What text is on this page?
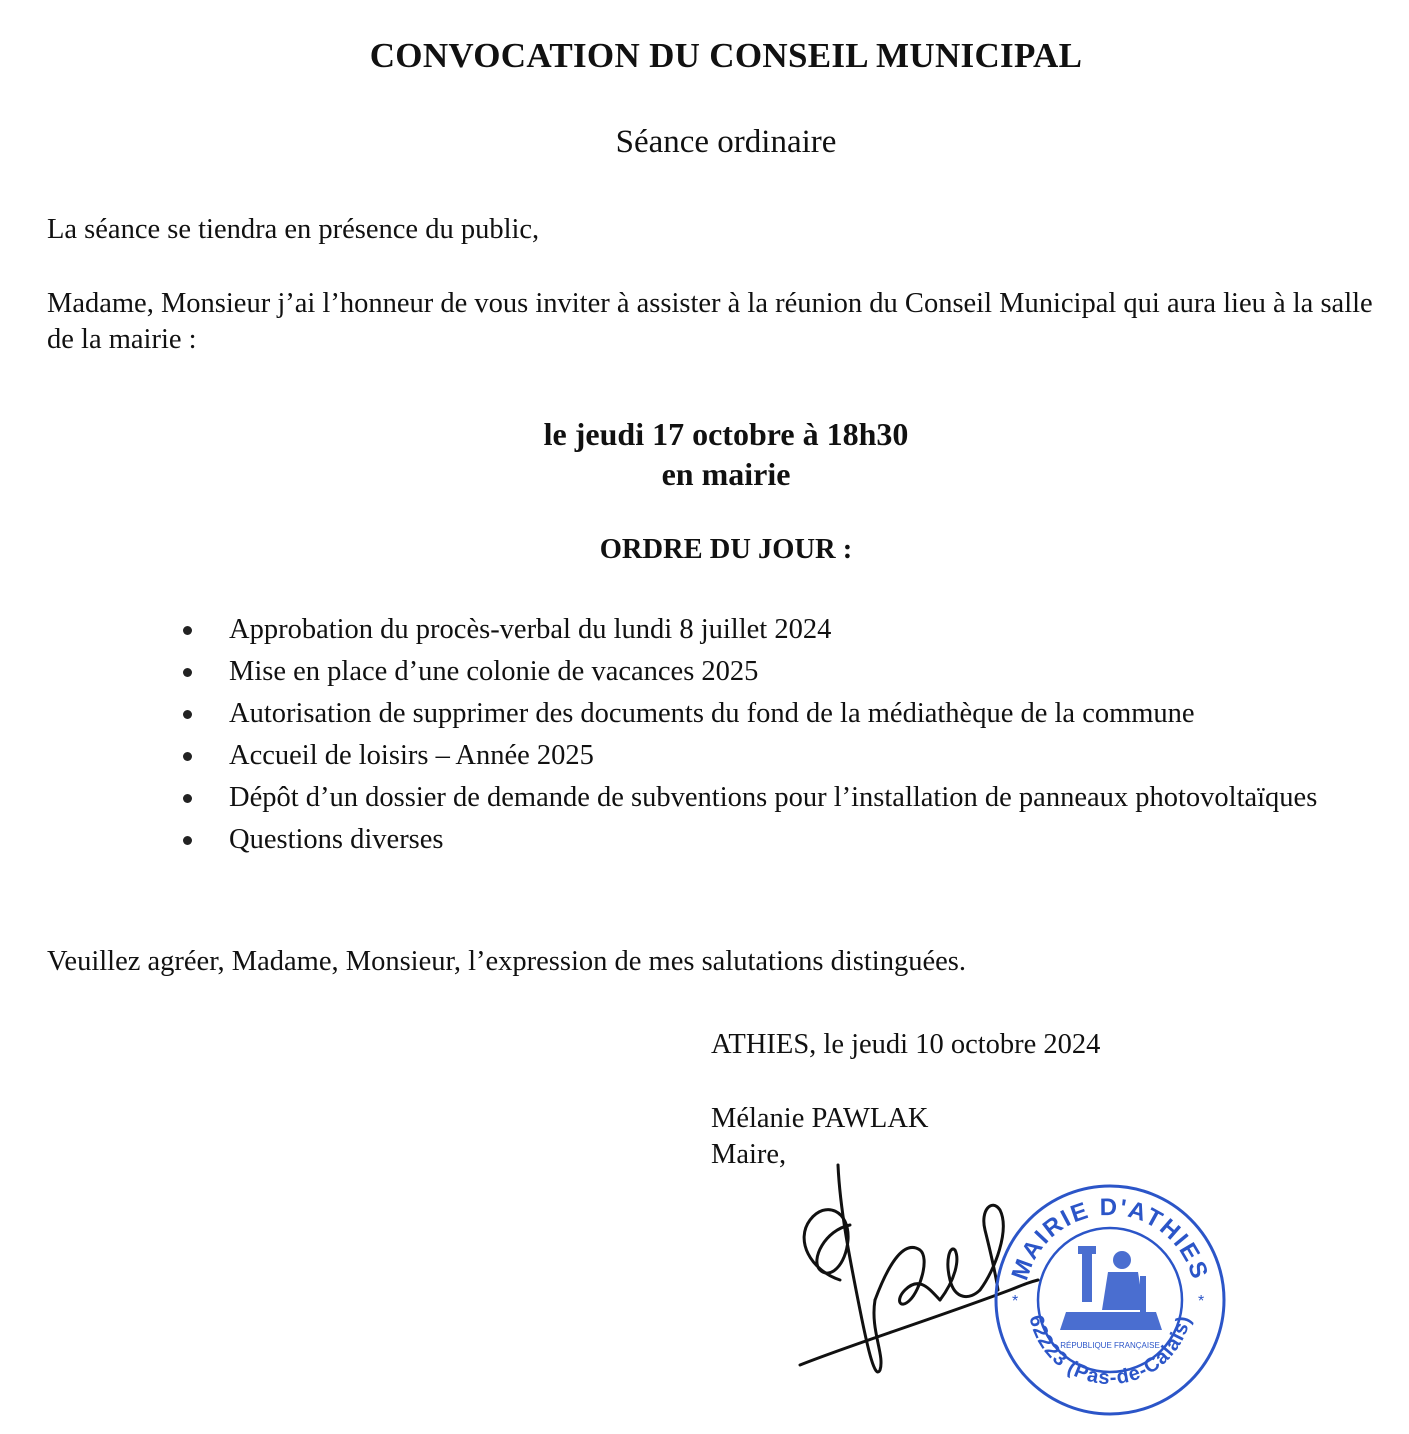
CONVOCATION DU CONSEIL MUNICIPAL

Séance ordinaire

La séance se tiendra en présence du public,

Madame, Monsieur j’ai l’honneur de vous inviter à assister à la réunion du Conseil Municipal qui aura lieu à la salle de la mairie :

le jeudi 17 octobre à 18h30
en mairie

ORDRE DU JOUR :

Approbation du procès-verbal du lundi 8 juillet 2024
Mise en place d’une colonie de vacances 2025
Autorisation de supprimer des documents du fond de la médiathèque de la commune
Accueil de loisirs – Année 2025
Dépôt d’un dossier de demande de subventions pour l’installation de panneaux photovoltaïques
Questions diverses

Veuillez agréer, Madame, Monsieur, l’expression de mes salutations distinguées.

ATHIES, le jeudi 10 octobre 2024

Mélanie PAWLAK

Maire,

MAIRIE D'ATHIES
62223 (Pas-de-Calais)
*	*
RÉPUBLIQUE FRANÇAISE
